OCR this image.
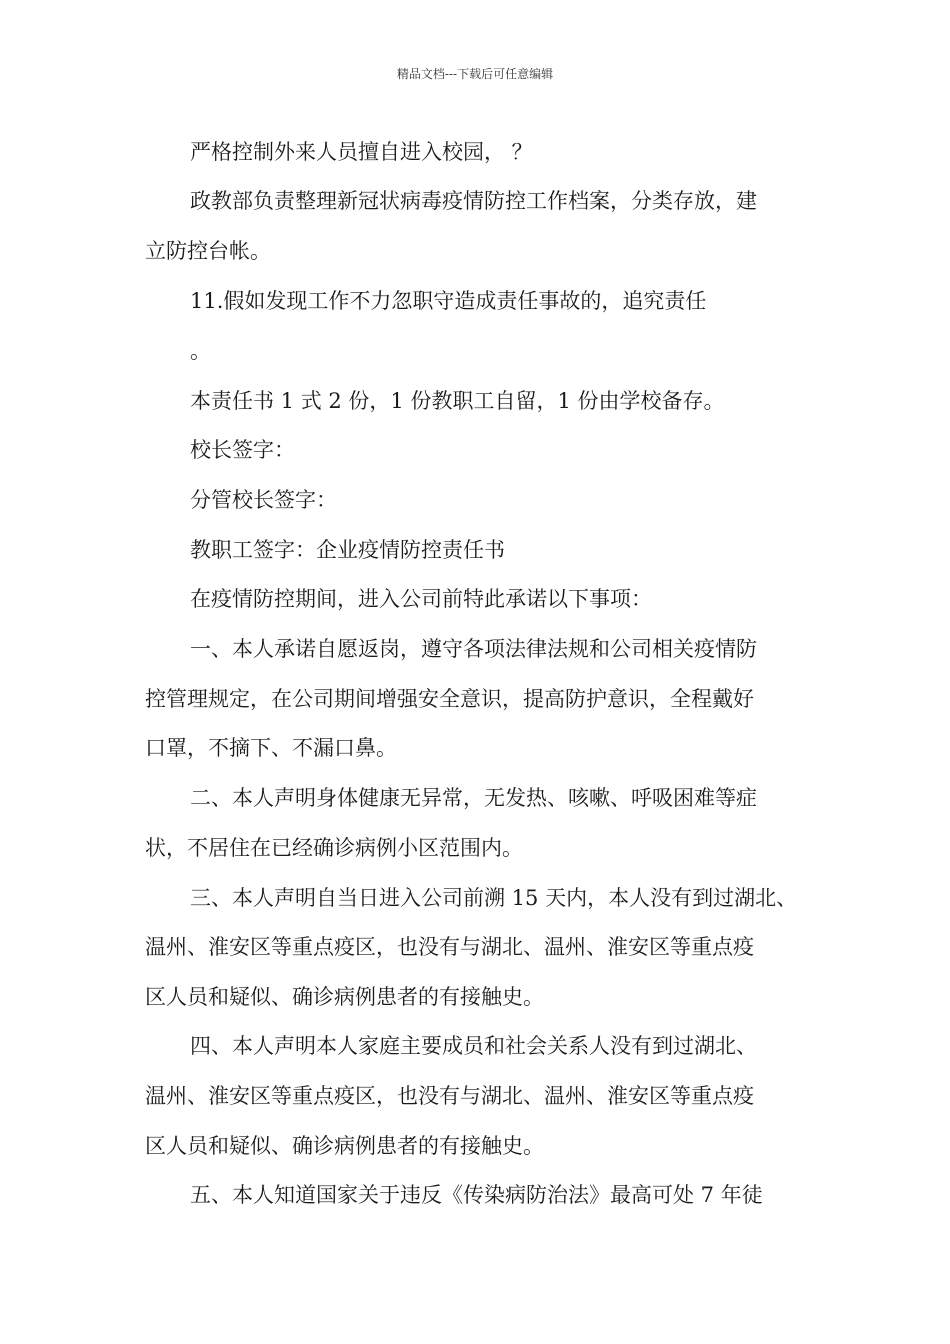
精品文档---下载后可任意编辑
严格控制外来人员擅自进入校园， ？
政教部负责整理新冠状病毒疫情防控工作档案，分类存放，建
立防控台帐。
11.假如发现工作不力忽职守造成责任事故的，追究责任
。
本责任书 1 式 2 份，1 份教职工自留，1 份由学校备存。
校长签字：
分管校长签字：
教职工签字：企业疫情防控责任书
在疫情防控期间，进入公司前特此承诺以下事项：
一、本人承诺自愿返岗，遵守各项法律法规和公司相关疫情防
控管理规定，在公司期间增强安全意识，提高防护意识，全程戴好
口罩，不摘下、不漏口鼻。
二、本人声明身体健康无异常，无发热、咳嗽、呼吸困难等症
状，不居住在已经确诊病例小区范围内。
三、本人声明自当日进入公司前溯 15 天内，本人没有到过湖北、
温州、淮安区等重点疫区，也没有与湖北、温州、淮安区等重点疫
区人员和疑似、确诊病例患者的有接触史。
四、本人声明本人家庭主要成员和社会关系人没有到过湖北、
温州、淮安区等重点疫区，也没有与湖北、温州、淮安区等重点疫
区人员和疑似、确诊病例患者的有接触史。
五、本人知道国家关于违反《传染病防治法》最高可处 7 年徒
